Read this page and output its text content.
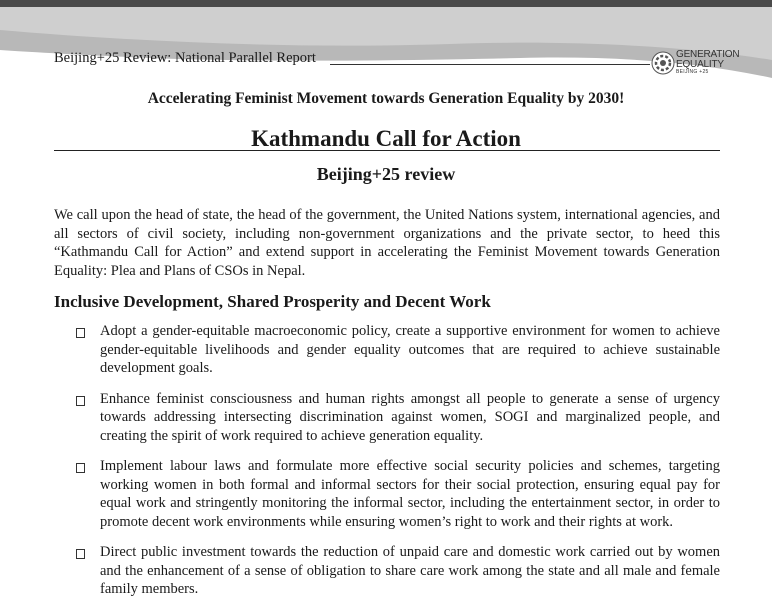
Beijing+25 Review: National Parallel Report	GENERATION
EQUALITY
BEIJING +25
Accelerating Feminist Movement towards Generation Equality by 2030!
Kathmandu Call for Action
Beijing+25 review

We call upon the head of state, the head of the government, the United Nations system, international agencies, and all sectors of civil society, including non-government organizations and the private sector, to heed this “Kathmandu Call for Action” and extend support in accelerating the Feminist Movement towards Generation Equality: Plea and Plans of CSOs in Nepal.

Inclusive Development, Shared Prosperity and Decent Work
Adopt a gender-equitable macroeconomic policy, create a supportive environment for women to achieve gender-equitable livelihoods and gender equality outcomes that are required to achieve sustainable development goals.
Enhance feminist consciousness and human rights amongst all people to generate a sense of urgency towards addressing intersecting discrimination against women, SOGI and marginalized people, and creating the spirit of work required to achieve generation equality.
Implement labour laws and formulate more effective social security policies and schemes, targeting working women in both formal and informal sectors for their social protection, ensuring equal pay for equal work and stringently monitoring the informal sector, including the entertainment sector, in order to promote decent work environments while ensuring women’s right to work and their rights at work.
Direct public investment towards the reduction of unpaid care and domestic work carried out by women and the enhancement of a sense of obligation to share care work among the state and all male and female family members.
